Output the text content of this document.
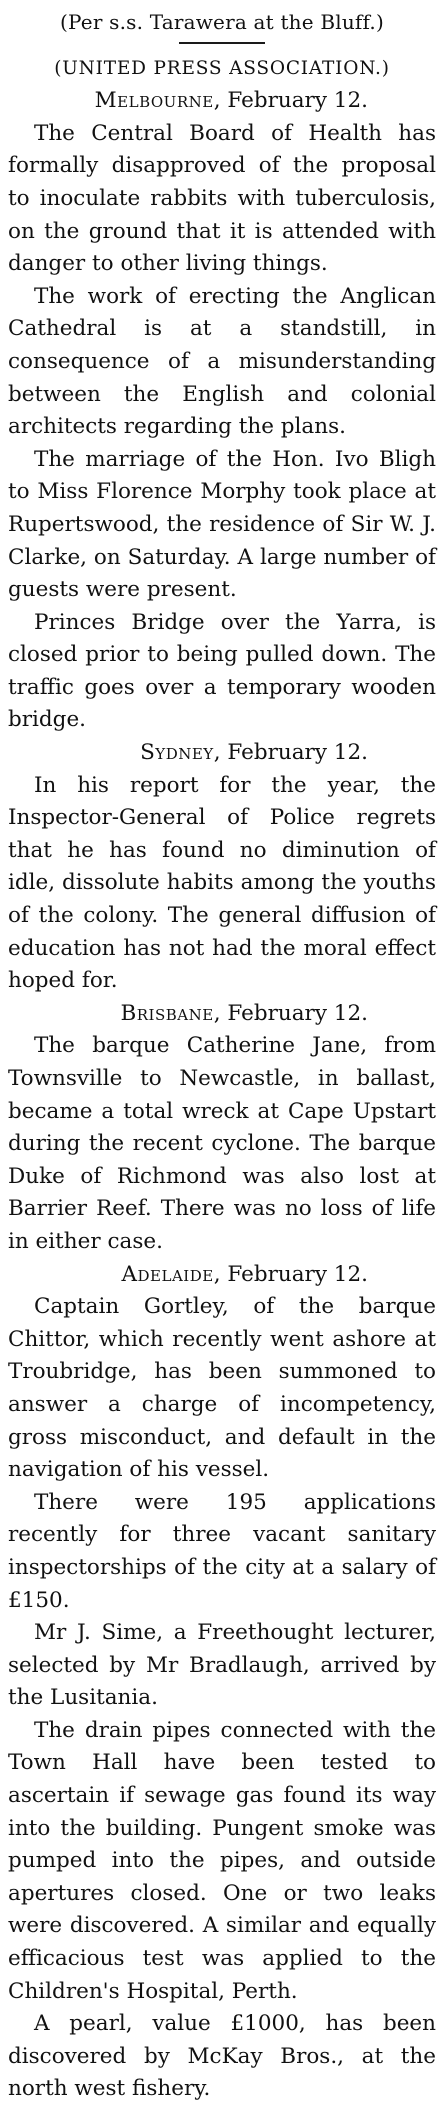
(Per s.s. Tarawera at the Bluff.)
(UNITED PRESS ASSOCIATION.)
Melbourne, February 12.

The Central Board of Health has formally disapproved of the proposal to inoculate rabbits with tuberculosis, on the ground that it is attended with danger to other living things.

The work of erecting the Anglican Cathedral is at a standstill, in consequence of a misunderstanding between the English and colonial architects regarding the plans.

The marriage of the Hon. Ivo Bligh to Miss Florence Morphy took place at Rupertswood, the residence of Sir W. J. Clarke, on Saturday. A large number of guests were present.

Princes Bridge over the Yarra, is closed prior to being pulled down. The traffic goes over a temporary wooden bridge.

Sydney, February 12.

In his report for the year, the Inspector-General of Police regrets that he has found no diminution of idle, dissolute habits among the youths of the colony. The general diffusion of education has not had the moral effect hoped for.

Brisbane, February 12.

The barque Catherine Jane, from Townsville to Newcastle, in ballast, became a total wreck at Cape Upstart during the recent cyclone. The barque Duke of Richmond was also lost at Barrier Reef. There was no loss of life in either case.

Adelaide, February 12.

Captain Gortley, of the barque Chittor, which recently went ashore at Troubridge, has been summoned to answer a charge of incompetency, gross misconduct, and default in the navigation of his vessel.

There were 195 applications recently for three vacant sanitary inspectorships of the city at a salary of £150.

Mr J. Sime, a Freethought lecturer, selected by Mr Bradlaugh, arrived by the Lusitania.

The drain pipes connected with the Town Hall have been tested to ascertain if sewage gas found its way into the building. Pungent smoke was pumped into the pipes, and outside apertures closed. One or two leaks were discovered. A similar and equally efficacious test was applied to the Children's Hospital, Perth.

A pearl, value £1000, has been discovered by McKay Bros., at the north west fishery.
